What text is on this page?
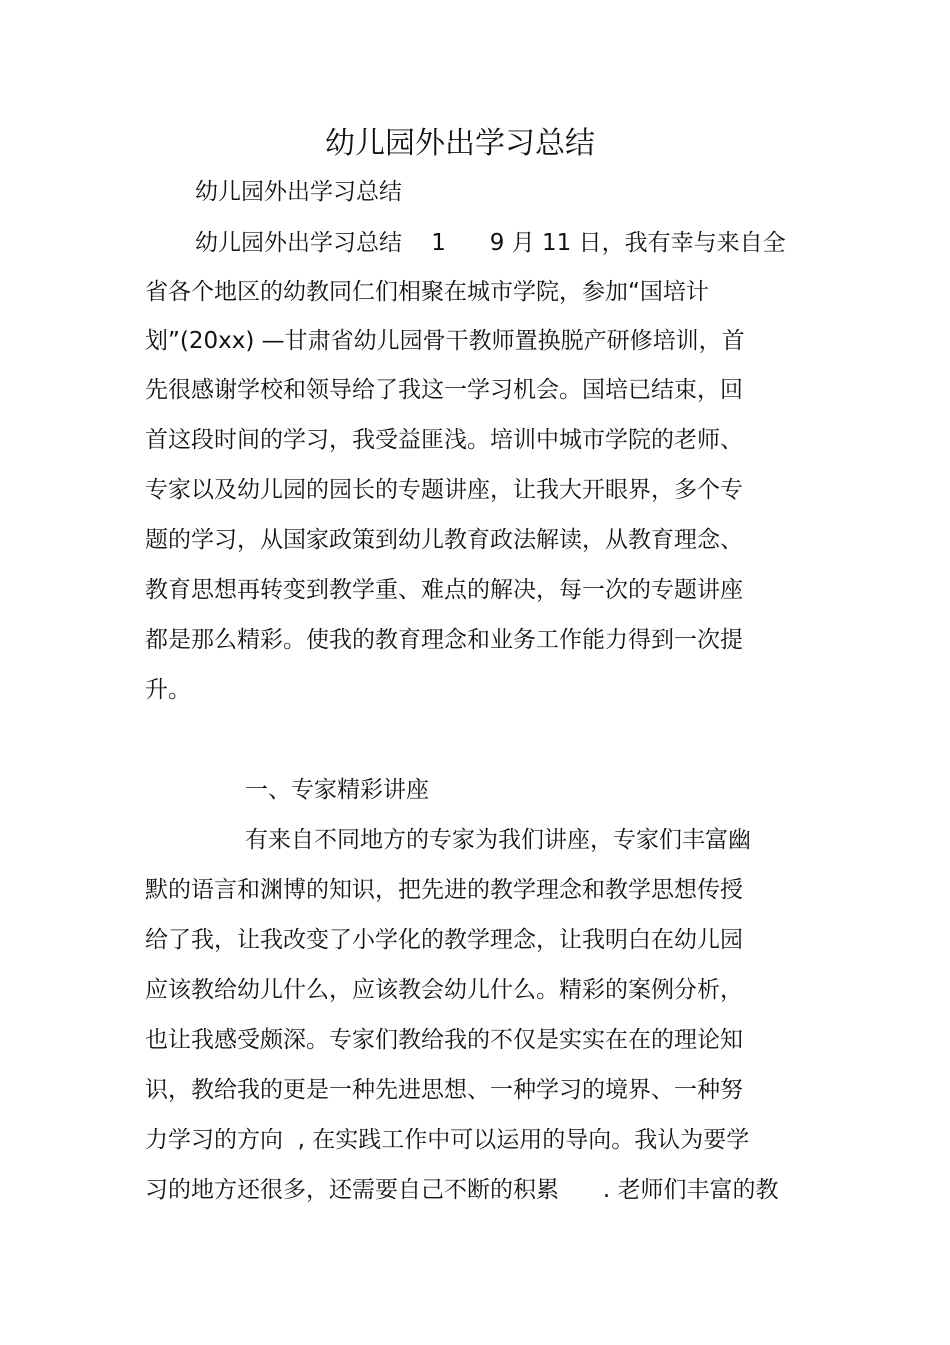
幼儿园外出学习总结

幼儿园外出学习总结

幼儿园外出学习总结    1      9 月 11 日，我有幸与来自全

省各个地区的幼教同仁们相聚在城市学院，参加“国培计

划”(20xx) —甘肃省幼儿园骨干教师置换脱产研修培训，首

先很感谢学校和领导给了我这一学习机会。国培已结束，回

首这段时间的学习，我受益匪浅。培训中城市学院的老师、

专家以及幼儿园的园长的专题讲座，让我大开眼界，多个专

题的学习，从国家政策到幼儿教育政法解读，从教育理念、

教育思想再转变到教学重、难点的解决，每一次的专题讲座

都是那么精彩。使我的教育理念和业务工作能力得到一次提

升。

一、专家精彩讲座

有来自不同地方的专家为我们讲座，专家们丰富幽

默的语言和渊博的知识，把先进的教学理念和教学思想传授

给了我，让我改变了小学化的教学理念，让我明白在幼儿园

应该教给幼儿什么，应该教会幼儿什么。精彩的案例分析，

也让我感受颇深。专家们教给我的不仅是实实在在的理论知

识，教给我的更是一种先进思想、一种学习的境界、一种努

力学习的方向  , 在实践工作中可以运用的导向。我认为要学

习的地方还很多，还需要自己不断的积累      . 老师们丰富的教
